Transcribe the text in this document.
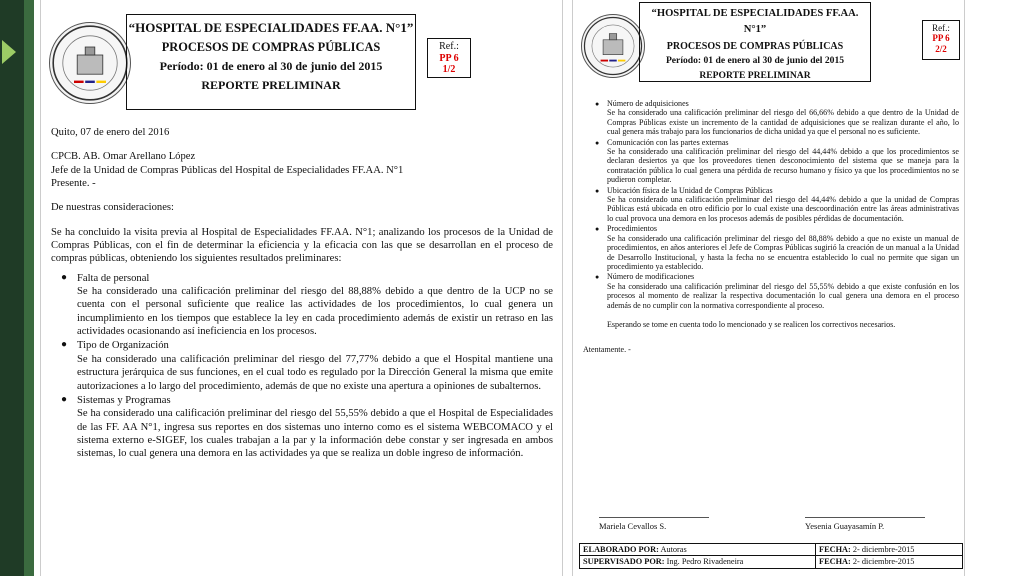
“HOSPITAL DE ESPECIALIDADES FF.AA. N°1”
PROCESOS DE COMPRAS PÚBLICAS
Período: 01 de enero al 30 de junio del 2015
REPORTE PRELIMINAR
Ref.:
PP 6
1/2

Quito, 07 de enero del 2016

CPCB. AB. Omar Arellano López

Jefe de la Unidad de Compras Públicas del Hospital de Especialidades FF.AA. N°1

Presente. -

De nuestras consideraciones:

Se ha concluido la visita previa al Hospital de Especialidades FF.AA. N°1; analizando los procesos de la Unidad de Compras Públicas, con el fin de determinar la eficiencia y la eficacia con las que se desarrollan en el proceso de compras públicas, obteniendo los siguientes resultados preliminares:

● Falta de personal
Se ha considerado una calificación preliminar del riesgo del 88,88% debido a que dentro de la UCP no se cuenta con el personal suficiente que realice las actividades de los procedimientos, lo cual genera un incumplimiento en los tiempos que establece la ley en cada procedimiento además de existir un retraso en las actividades ocasionando así ineficiencia en los procesos.
● Tipo de Organización
Se ha considerado una calificación preliminar del riesgo del 77,77% debido a que el Hospital mantiene una estructura jerárquica de sus funciones, en el cual todo es regulado por la Dirección General la misma que emite autorizaciones a lo largo del procedimiento, además de que no existe una apertura a opiniones de subalternos.
● Sistemas y Programas
Se ha considerado una calificación preliminar del riesgo del 55,55% debido a que el Hospital de Especialidades de las FF. AA N°1, ingresa sus reportes en dos sistemas uno interno como es el sistema WEBCOMACO y el sistema externo e-SIGEF, los cuales trabajan a la par y la información debe constar y ser ingresada en ambos sistemas, lo cual genera una demora en las actividades ya que se realiza un doble ingreso de información.
“HOSPITAL DE ESPECIALIDADES FF.AA. N°1”
PROCESOS DE COMPRAS PÚBLICAS
Período: 01 de enero al 30 de junio del 2015
REPORTE PRELIMINAR
Ref.:
PP 6
2/2
● Número de adquisiciones
Se ha considerado una calificación preliminar del riesgo del 66,66% debido a que dentro de la Unidad de Compras Públicas existe un incremento de la cantidad de adquisiciones que se realizan durante el año, lo cual genera más trabajo para los funcionarios de dicha unidad ya que el personal no es suficiente.
● Comunicación con las partes externas
Se ha considerado una calificación preliminar del riesgo del 44,44% debido a que los procedimientos se declaran desiertos ya que los proveedores tienen desconocimiento del sistema que se maneja para la contratación pública lo cual genera una pérdida de recurso humano y físico ya que los procedimientos no se pudieron completar.
● Ubicación física de la Unidad de Compras Públicas
Se ha considerado una calificación preliminar del riesgo del 44,44% debido a que la unidad de Compras Públicas está ubicada en otro edificio por lo cual existe una descoordinación entre las áreas administrativas lo cual provoca una demora en los procesos además de posibles pérdidas de documentación.
● Procedimientos
Se ha considerado una calificación preliminar del riesgo del 88,88% debido a que no existe un manual de procedimientos, en años anteriores el Jefe de Compras Públicas sugirió la creación de un manual a la Unidad de Desarrollo Institucional, y hasta la fecha no se encuentra establecido lo cual no permite que sigan un procedimiento ya establecido.
● Número de modificaciones
Se ha considerado una calificación preliminar del riesgo del 55,55% debido a que existe confusión en los procesos al momento de realizar la respectiva documentación lo cual genera una demora en el proceso además de no cumplir con la normativa correspondiente al proceso.

Esperando se tome en cuenta todo lo mencionado y se realicen los correctivos necesarios.

Atentamente. -

Mariela Cevallos S.	Yesenia Guayasamín P.
ELABORADO POR: Autoras	FECHA: 2- diciembre-2015
SUPERVISADO POR: Ing. Pedro Rivadeneira	FECHA: 2- diciembre-2015
